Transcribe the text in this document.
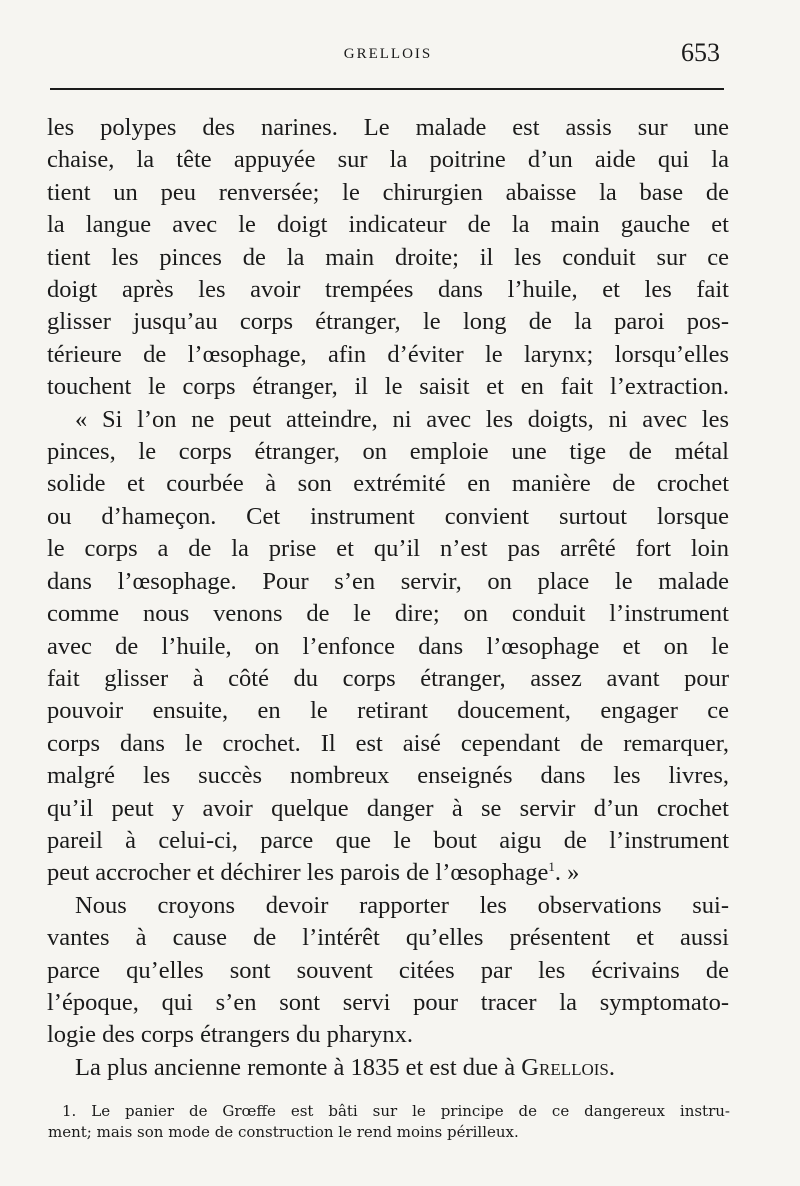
GRELLOIS	653
les polypes des narines. Le malade est assis sur une
chaise, la tête appuyée sur la poitrine d’un aide qui la
tient un peu renversée; le chirurgien abaisse la base de
la langue avec le doigt indicateur de la main gauche et
tient les pinces de la main droite; il les conduit sur ce
doigt après les avoir trempées dans l’huile, et les fait
glisser jusqu’au corps étranger, le long de la paroi pos-
térieure de l’œsophage, afin d’éviter le larynx; lorsqu’elles
touchent le corps étranger, il le saisit et en fait l’extraction.
« Si l’on ne peut atteindre, ni avec les doigts, ni avec les
pinces, le corps étranger, on emploie une tige de métal
solide et courbée à son extrémité en manière de crochet
ou d’hameçon. Cet instrument convient surtout lorsque
le corps a de la prise et qu’il n’est pas arrêté fort loin
dans l’œsophage. Pour s’en servir, on place le malade
comme nous venons de le dire; on conduit l’instrument
avec de l’huile, on l’enfonce dans l’œsophage et on le
fait glisser à côté du corps étranger, assez avant pour
pouvoir ensuite, en le retirant doucement, engager ce
corps dans le crochet. Il est aisé cependant de remarquer,
malgré les succès nombreux enseignés dans les livres,
qu’il peut y avoir quelque danger à se servir d’un crochet
pareil à celui-ci, parce que le bout aigu de l’instrument
peut accrocher et déchirer les parois de l’œsophage$^1$. »
Nous croyons devoir rapporter les observations sui-
vantes à cause de l’intérêt qu’elles présentent et aussi
parce qu’elles sont souvent citées par les écrivains de
l’époque, qui s’en sont servi pour tracer la symptomato-
logie des corps étrangers du pharynx.
La plus ancienne remonte à 1835 et est due à Grellois.
1. Le panier de Grœffe est bâti sur le principe de ce dangereux instru-
ment; mais son mode de construction le rend moins périlleux.
